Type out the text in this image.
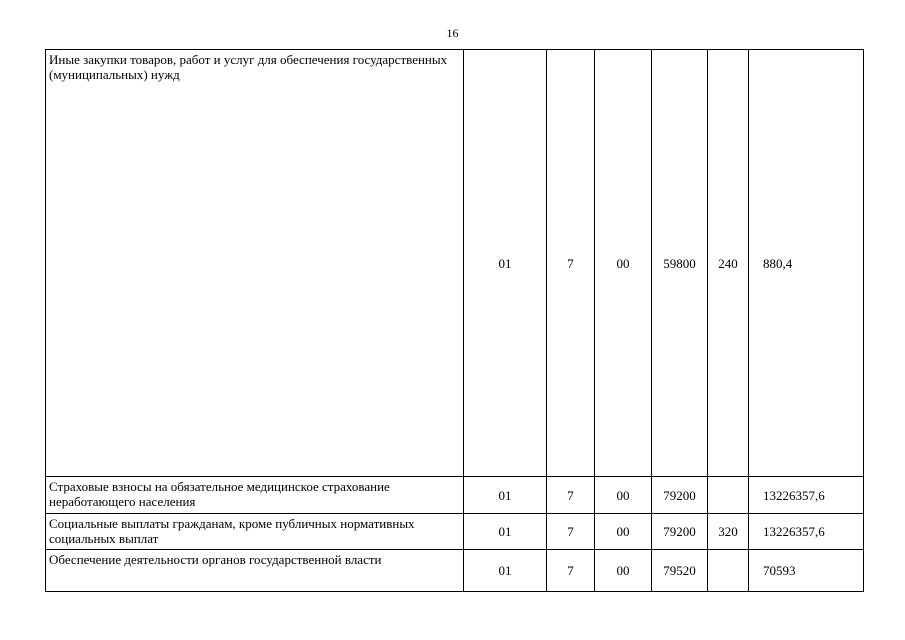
16
Иные закупки товаров, работ и услуг для обеспечения государственных (муниципальных) нужд	01	7	00	59800	240	880,4
Страховые взносы на обязательное медицинское страхование неработающего населения	01	7	00	79200		13226357,6
Социальные выплаты гражданам, кроме публичных нормативных социальных выплат	01	7	00	79200	320	13226357,6
Обеспечение деятельности органов государственной власти	01	7	00	79520		70593
